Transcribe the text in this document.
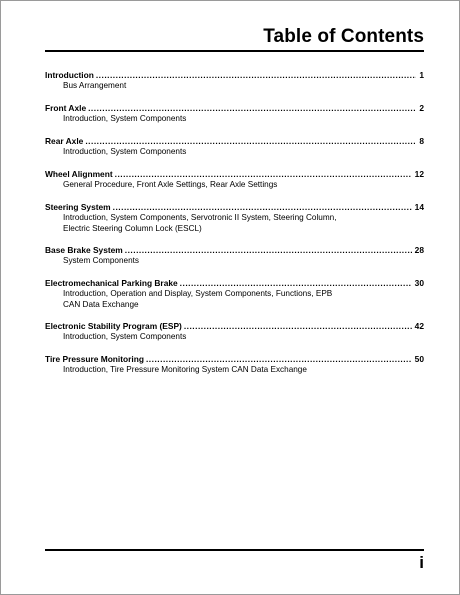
Table of Contents
Introduction .....	1
Bus Arrangement
Front Axle .....	2
Introduction, System Components
Rear Axle .....	8
Introduction, System Components
Wheel Alignment .....	12
General Procedure, Front Axle Settings, Rear Axle Settings
Steering System .....	14
Introduction, System Components, Servotronic II System, Steering Column,
Electric Steering Column Lock (ESCL)
Base Brake System .....	28
System Components
Electromechanical Parking Brake .....	30
Introduction, Operation and Display, System Components, Functions, EPB
CAN Data Exchange
Electronic Stability Program (ESP) .....	42
Introduction, System Components
Tire Pressure Monitoring .....	50
Introduction, Tire Pressure Monitoring System CAN Data Exchange
i
